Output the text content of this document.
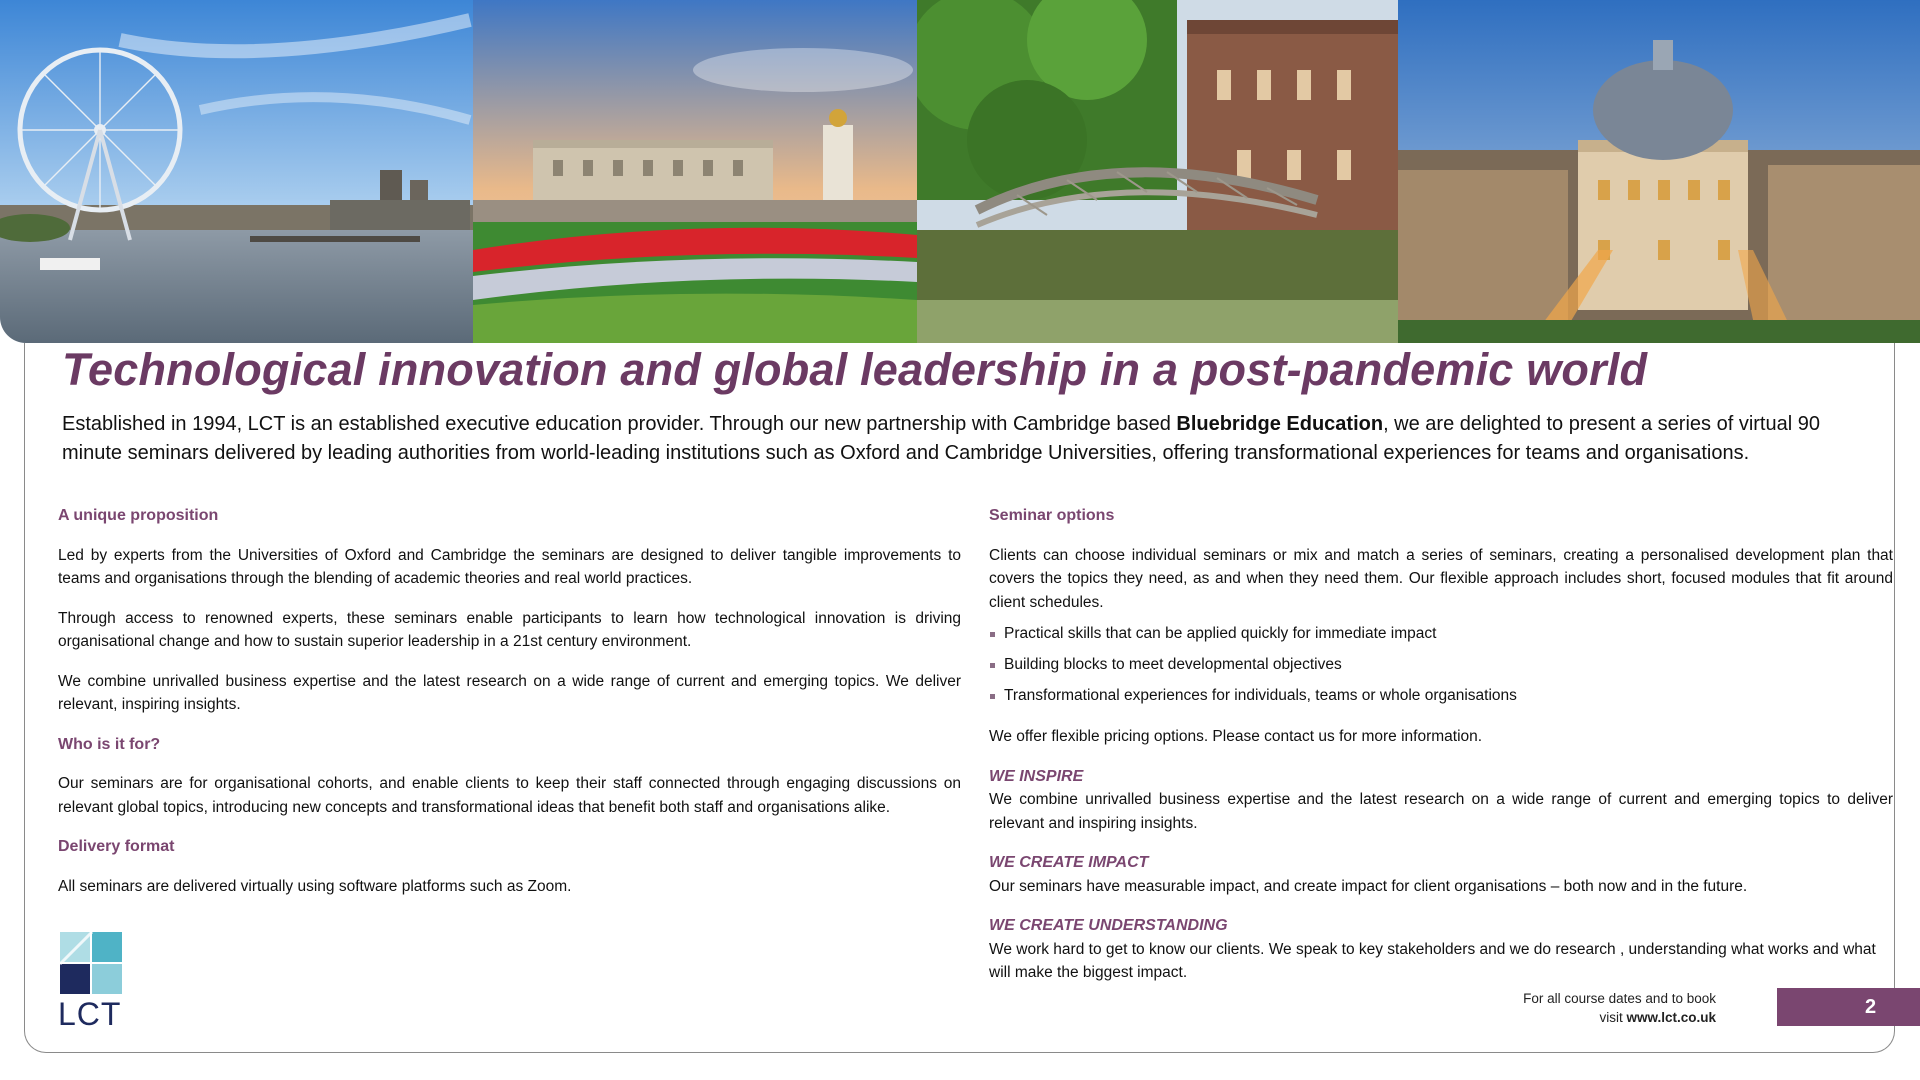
Technological innovation and global leadership in a post-pandemic world

Established in 1994, LCT is an established executive education provider. Through our new partnership with Cambridge based Bluebridge Education, we are delighted to present a series of virtual 90 minute seminars delivered by leading authorities from world-leading institutions such as Oxford and Cambridge Universities, offering transformational experiences for teams and organisations.

A unique proposition

Led by experts from the Universities of Oxford and Cambridge the seminars are designed to deliver tangible improvements to teams and organisations through the blending of academic theories and real world practices.

Through access to renowned experts, these seminars enable participants to learn how technological innovation is driving organisational change and how to sustain superior leadership in a 21st century environment.

We combine unrivalled business expertise and the latest research on a wide range of current and emerging topics. We deliver relevant, inspiring insights.

Who is it for?

Our seminars are for organisational cohorts, and enable clients to keep their staff connected through engaging discussions on relevant global topics, introducing new concepts and transformational ideas that benefit both staff and organisations alike.

Delivery format

All seminars are delivered virtually using software platforms such as Zoom.

Seminar options

Clients can choose individual seminars or mix and match a series of seminars, creating a personalised development plan that covers the topics they need, as and when they need them. Our flexible approach includes short, focused modules that fit around client schedules.

Practical skills that can be applied quickly for immediate impact
Building blocks to meet developmental objectives
Transformational experiences for individuals, teams or whole organisations

We offer flexible pricing options. Please contact us for more information.

WE INSPIRE

We combine unrivalled business expertise and the latest research on a wide range of current and emerging topics to deliver relevant and inspiring insights.

WE CREATE IMPACT

Our seminars have measurable impact, and create impact for client organisations – both now and in the future.

WE CREATE UNDERSTANDING

We work hard to get to know our clients. We speak to key stakeholders and we do research , understanding what works and what will make the biggest impact.

LCT	For all course dates and to book
visit www.lct.co.uk	2
